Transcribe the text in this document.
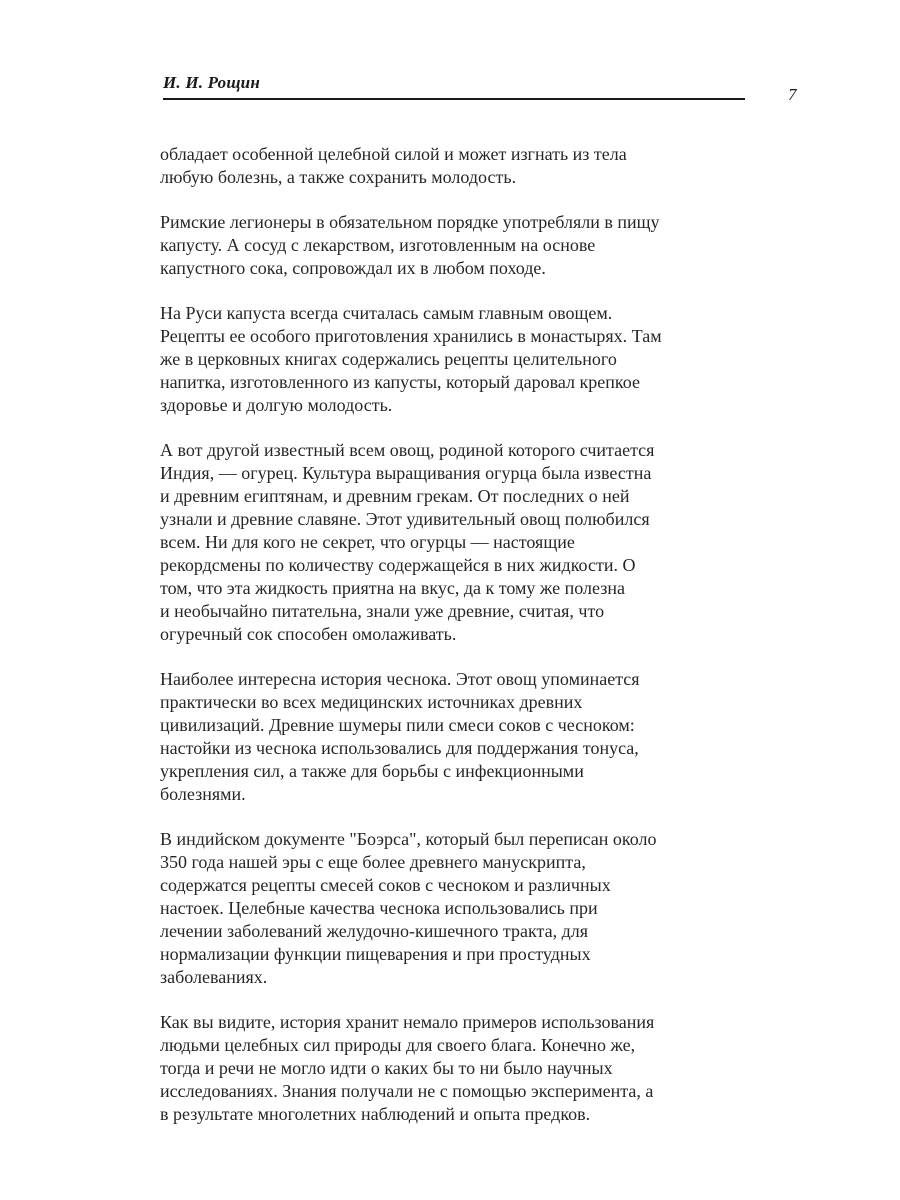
И. И. Рощин
7

обладает особенной целебной силой и может изгнать из тела
любую болезнь, а также сохранить молодость.

Римские легионеры в обязательном порядке употребляли в пищу
капусту. А сосуд с лекарством, изготовленным на основе
капустного сока, сопровождал их в любом походе.

На Руси капуста всегда считалась самым главным овощем.
Рецепты ее особого приготовления хранились в монастырях. Там
же в церковных книгах содержались рецепты целительного
напитка, изготовленного из капусты, который даровал крепкое
здоровье и долгую молодость.

А вот другой известный всем овощ, родиной которого считается
Индия, — огурец. Культура выращивания огурца была известна
и древним египтянам, и древним грекам. От последних о ней
узнали и древние славяне. Этот удивительный овощ полюбился
всем. Ни для кого не секрет, что огурцы — настоящие
рекордсмены по количеству содержащейся в них жидкости. О
том, что эта жидкость приятна на вкус, да к тому же полезна
и необычайно питательна, знали уже древние, считая, что
огуречный сок способен омолаживать.

Наиболее интересна история чеснока. Этот овощ упоминается
практически во всех медицинских источниках древних
цивилизаций. Древние шумеры пили смеси соков с чесноком:
настойки из чеснока использовались для поддержания тонуса,
укрепления сил, а также для борьбы с инфекционными
болезнями.

В индийском документе "Боэрса", который был переписан около
350 года нашей эры с еще более древнего манускрипта,
содержатся рецепты смесей соков с чесноком и различных
настоек. Целебные качества чеснока использовались при
лечении заболеваний желудочно-кишечного тракта, для
нормализации функции пищеварения и при простудных
заболеваниях.

Как вы видите, история хранит немало примеров использования
людьми целебных сил природы для своего блага. Конечно же,
тогда и речи не могло идти о каких бы то ни было научных
исследованиях. Знания получали не с помощью эксперимента, а
в результате многолетних наблюдений и опыта предков.
